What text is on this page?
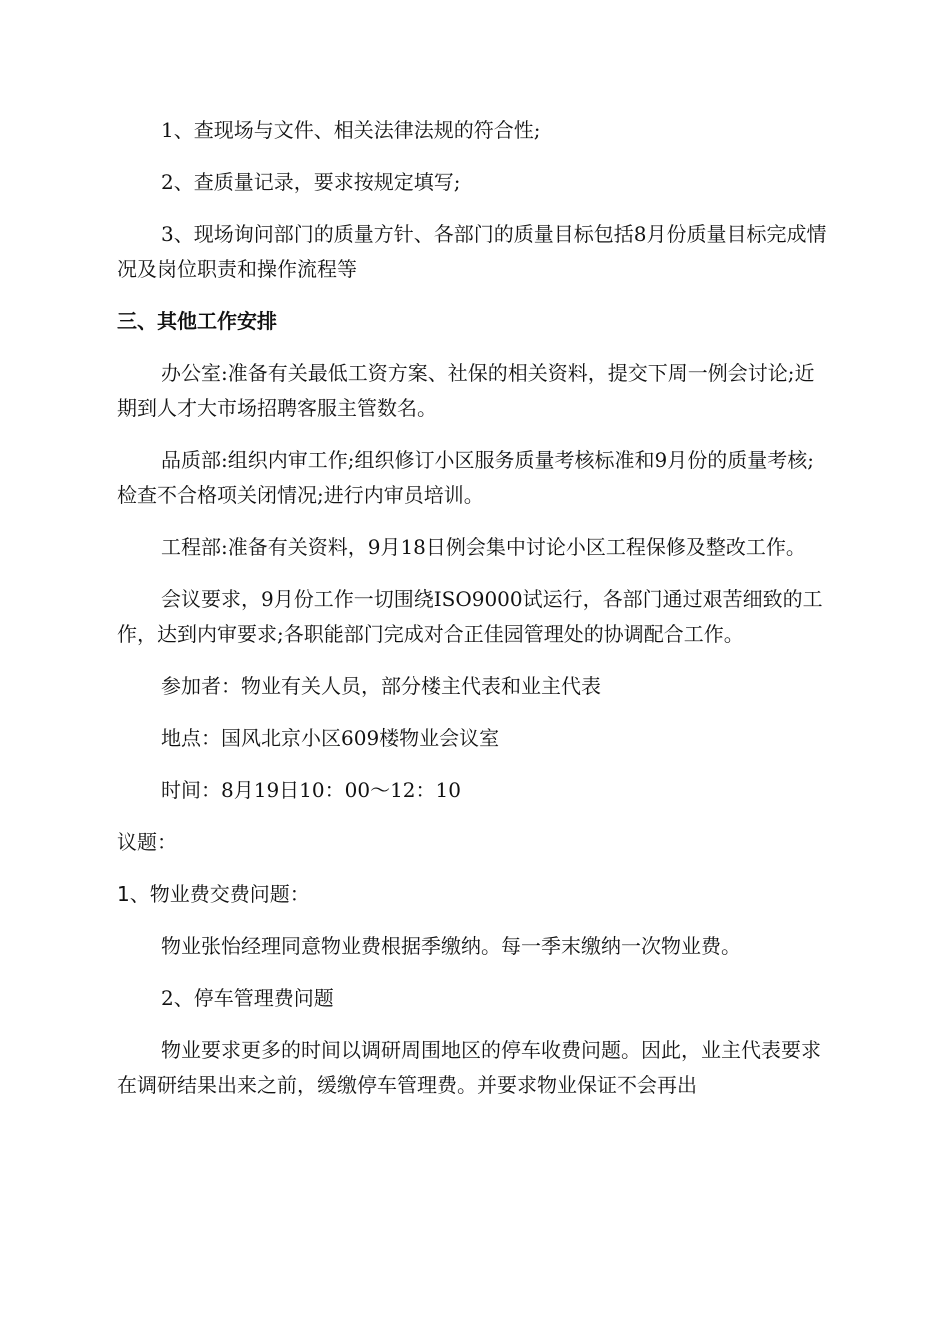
1、查现场与文件、相关法律法规的符合性;

2、查质量记录，要求按规定填写;

3、现场询问部门的质量方针、各部门的质量目标包括8月份质量目标完成情况及岗位职责和操作流程等

三、其他工作安排

办公室:准备有关最低工资方案、社保的相关资料，提交下周一例会讨论;近期到人才大市场招聘客服主管数名。

品质部:组织内审工作;组织修订小区服务质量考核标准和9月份的质量考核;检查不合格项关闭情况;进行内审员培训。

工程部:准备有关资料，9月18日例会集中讨论小区工程保修及整改工作。

会议要求，9月份工作一切围绕ISO9000试运行，各部门通过艰苦细致的工作，达到内审要求;各职能部门完成对合正佳园管理处的协调配合工作。

参加者：物业有关人员，部分楼主代表和业主代表

地点：国风北京小区609楼物业会议室

时间：8月19日10：00～12：10

议题：

1、物业费交费问题：

物业张怡经理同意物业费根据季缴纳。每一季末缴纳一次物业费。

2、停车管理费问题

物业要求更多的时间以调研周围地区的停车收费问题。因此，业主代表要求在调研结果出来之前，缓缴停车管理费。并要求物业保证不会再出
